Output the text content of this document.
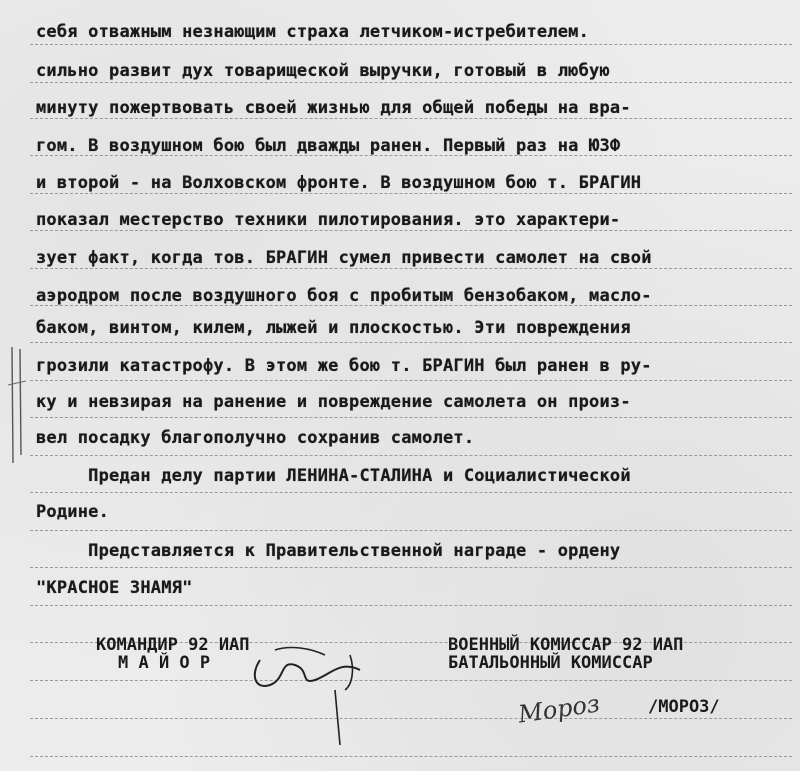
себя отважным незнающим страха летчиком-истребителем.
сильно развит дух товарищеской выручки, готовый в любую
минуту пожертвовать своей жизнью для общей победы на вра-
гом. В воздушном бою был дважды ранен. Первый раз на ЮЗФ
и второй - на Волховском фронте. В воздушном бою т. БРАГИН
показал местерство техники пилотирования. это характери-
зует факт, когда тов. БРАГИН сумел привести самолет на свой
аэродром после воздушного боя с пробитым бензобаком, масло-
баком, винтом, килем, лыжей и плоскостью. Эти повреждения
грозили катастрофу. В этом же бою т. БРАГИН был ранен в ру-
ку и невзирая на ранение и повреждение самолета он произ-
вел посадку благополучно сохранив самолет.
Предан делу партии ЛЕНИНА-СТАЛИНА и Социалистической
Родине.
Представляется к Правительственной награде - ордену
"КРАСНОЕ ЗНАМЯ"
КОМАНДИР 92 ИАП
М А Й О Р
ВОЕННЫЙ КОМИССАР 92 ИАП
БАТАЛЬОННЫЙ КОМИССАР
Мороз	/МОРОЗ/
